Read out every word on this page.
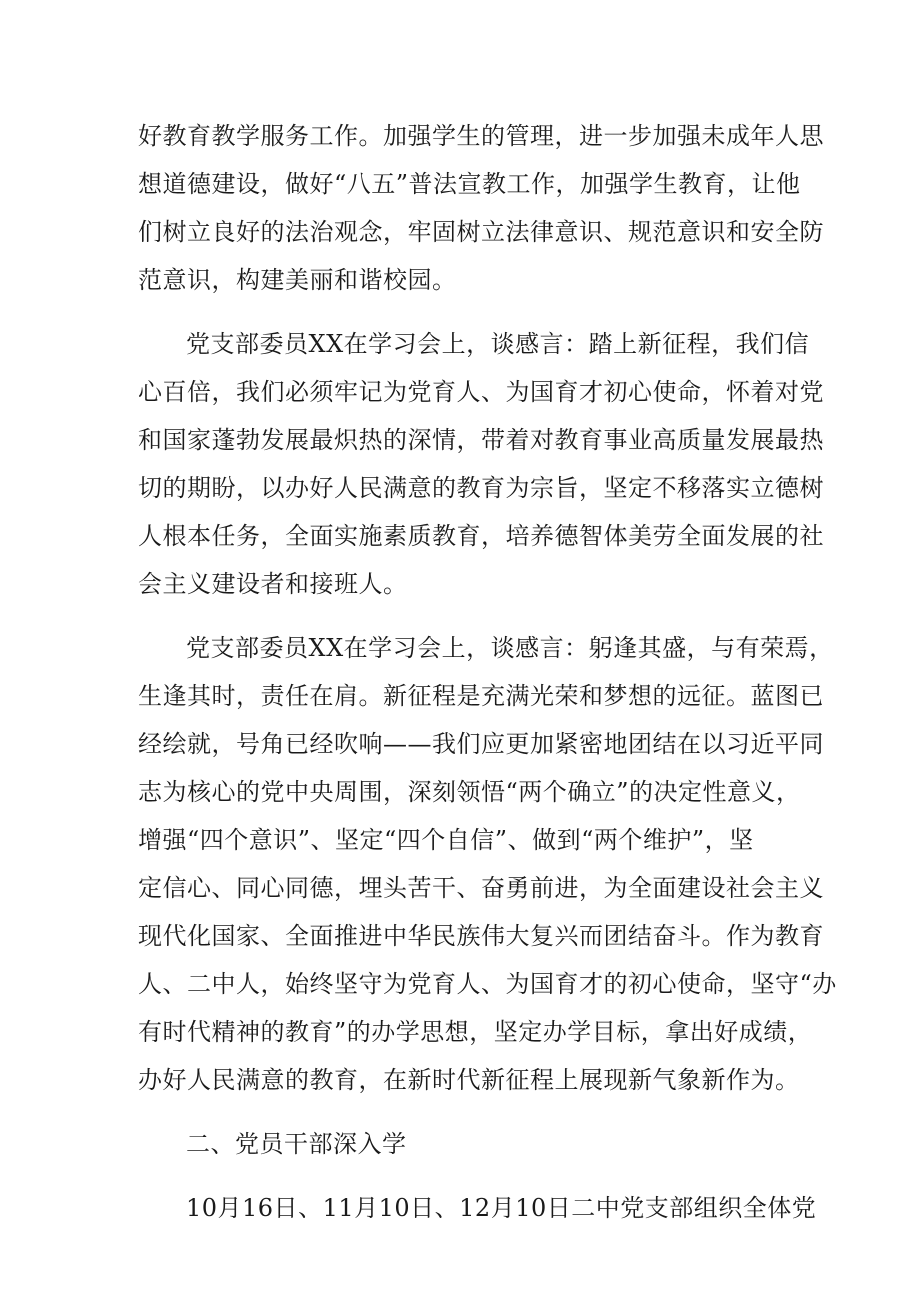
好教育教学服务工作。加强学生的管理，进一步加强未成年人思
想道德建设，做好“八五”普法宣教工作，加强学生教育，让他
们树立良好的法治观念，牢固树立法律意识、规范意识和安全防
范意识，构建美丽和谐校园。
党支部委员XX在学习会上，谈感言：踏上新征程，我们信
心百倍，我们必须牢记为党育人、为国育才初心使命，怀着对党
和国家蓬勃发展最炽热的深情，带着对教育事业高质量发展最热
切的期盼，以办好人民满意的教育为宗旨，坚定不移落实立德树
人根本任务，全面实施素质教育，培养德智体美劳全面发展的社
会主义建设者和接班人。
党支部委员XX在学习会上，谈感言：躬逢其盛，与有荣焉，
生逢其时，责任在肩。新征程是充满光荣和梦想的远征。蓝图已
经绘就，号角已经吹响——我们应更加紧密地团结在以习近平同
志为核心的党中央周围，深刻领悟“两个确立”的决定性意义，
增强“四个意识”、坚定“四个自信”、做到“两个维护”，坚
定信心、同心同德，埋头苦干、奋勇前进，为全面建设社会主义
现代化国家、全面推进中华民族伟大复兴而团结奋斗。作为教育
人、二中人，始终坚守为党育人、为国育才的初心使命，坚守“办
有时代精神的教育”的办学思想，坚定办学目标，拿出好成绩，
办好人民满意的教育，在新时代新征程上展现新气象新作为。
二、党员干部深入学
10月16日、11月10日、12月10日二中党支部组织全体党
